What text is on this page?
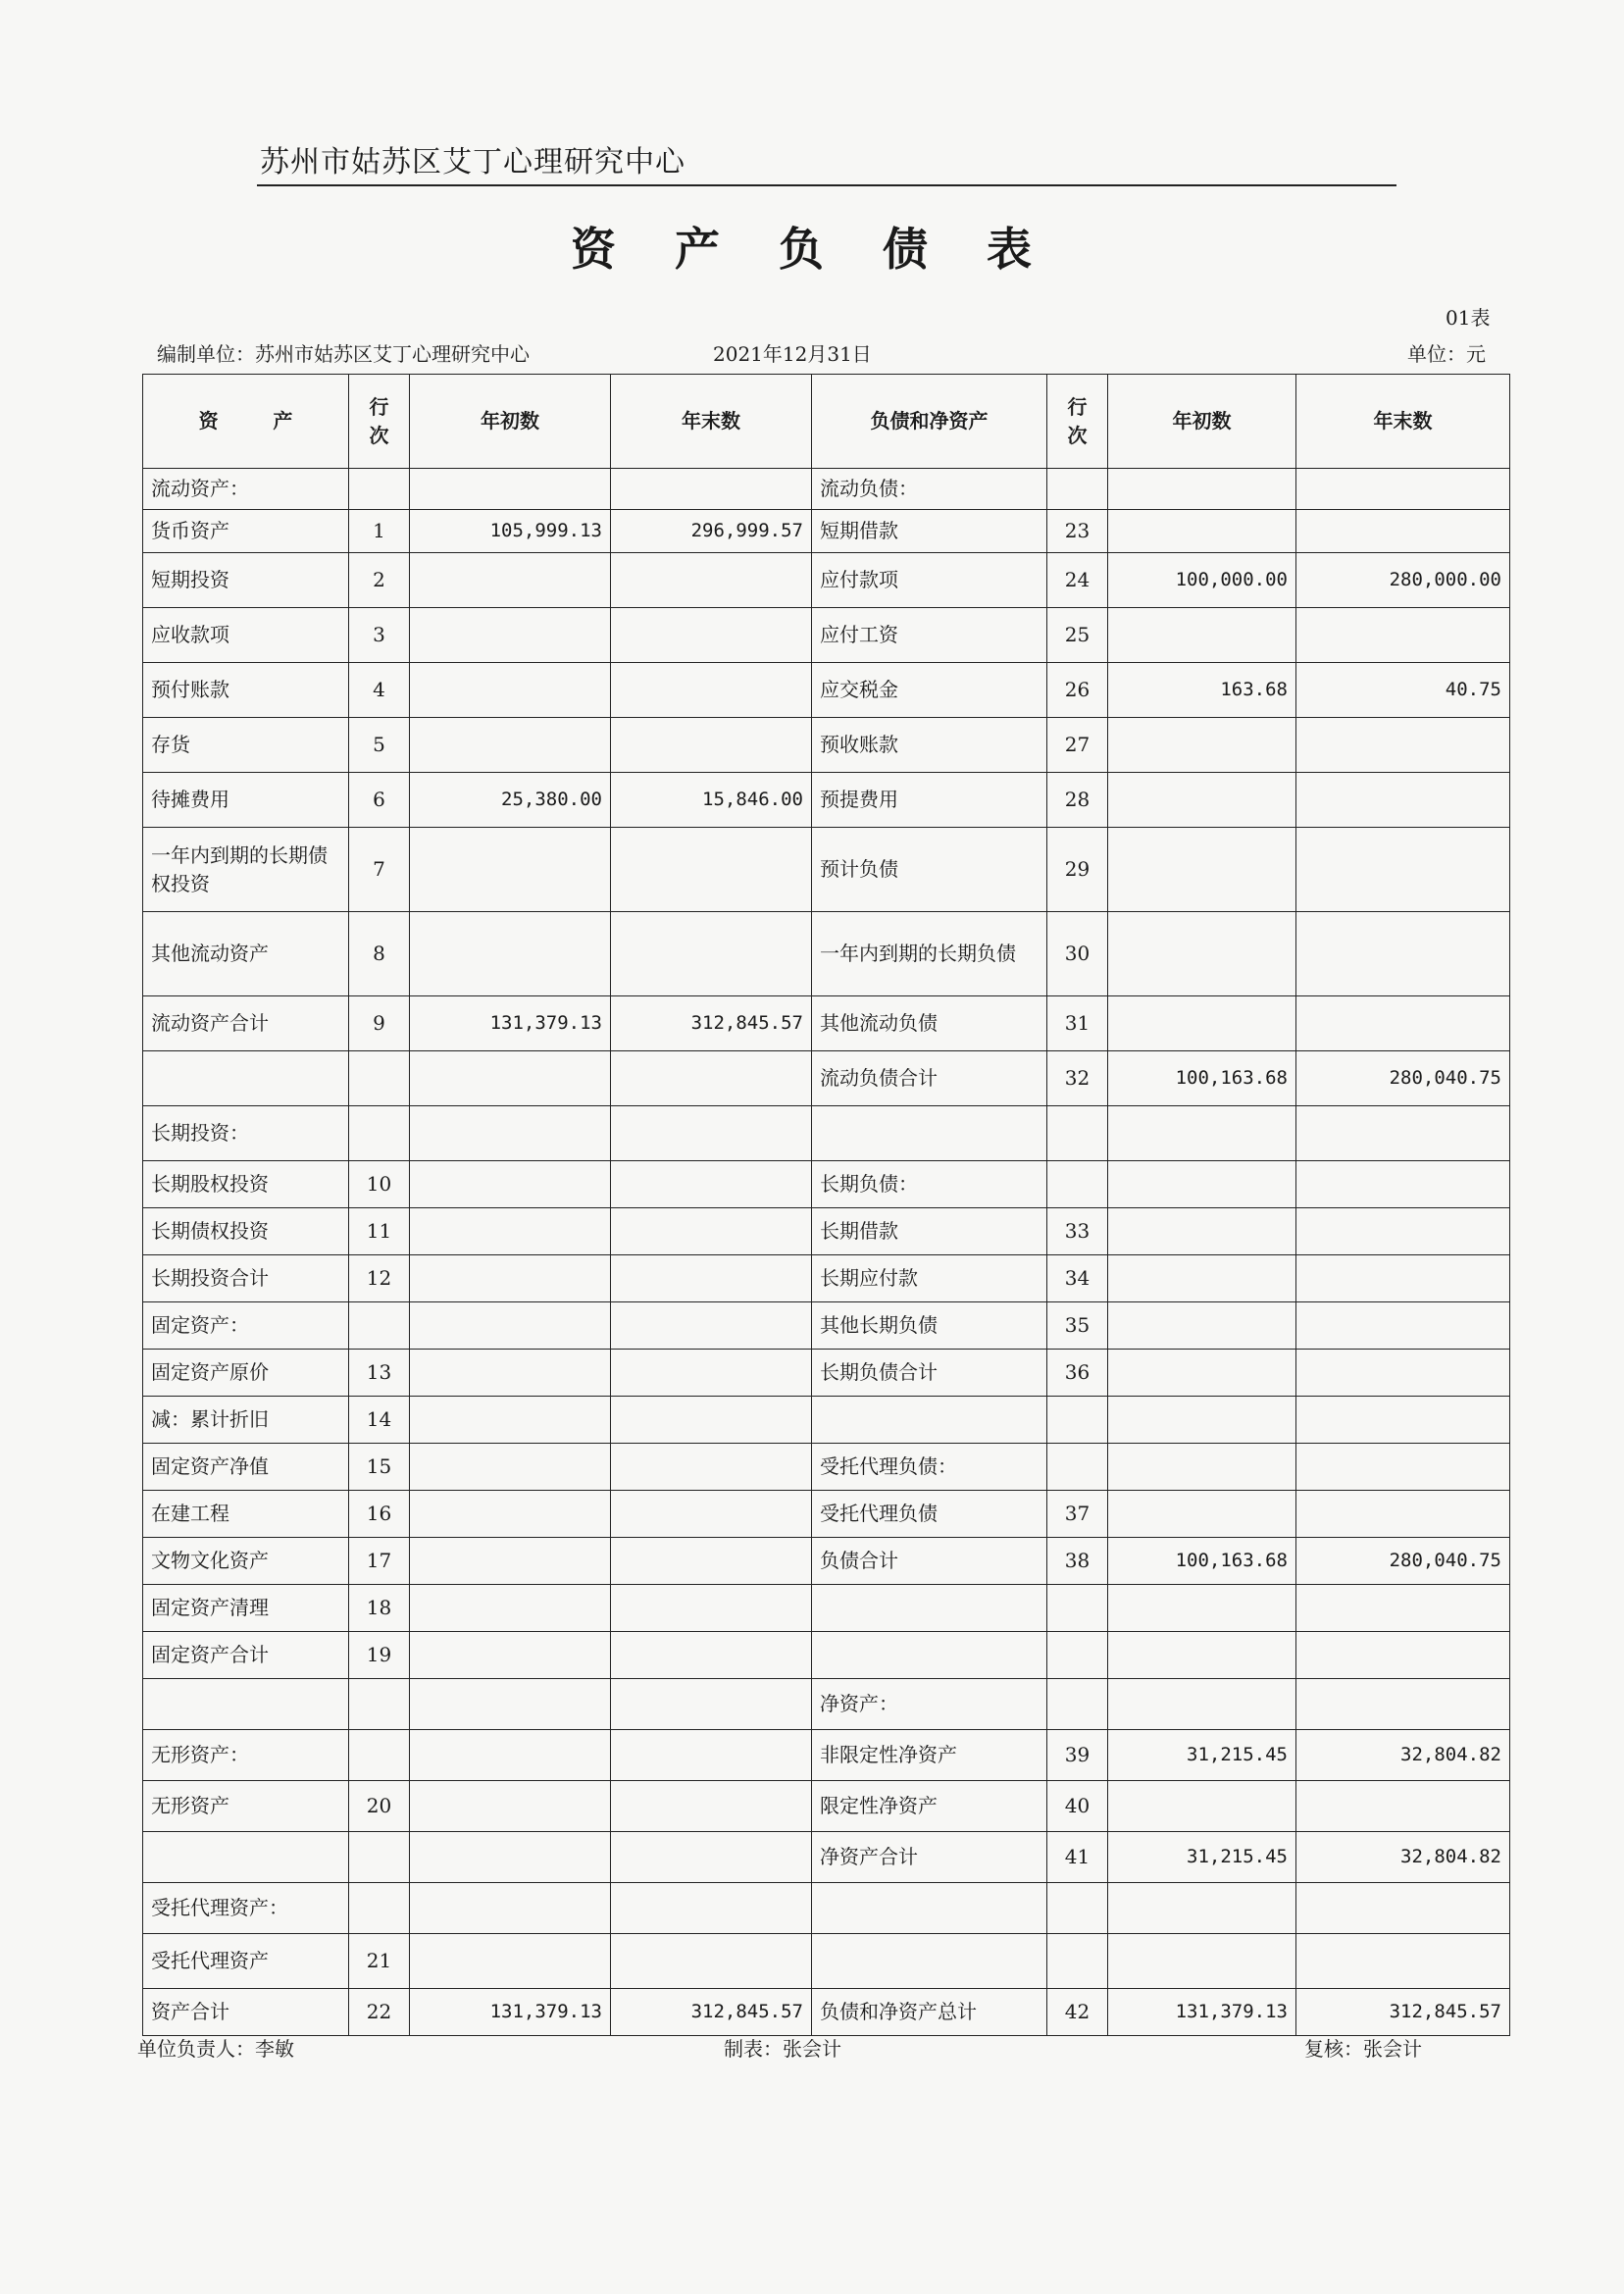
苏州市姑苏区艾丁心理研究中心
资 产 负 债 表
01表
编制单位：苏州市姑苏区艾丁心理研究中心	2021年12月31日	单位：元
资        产	行次	年初数	年末数	负债和净资产	行次	年初数	年末数
流动资产：				流动负债：			
货币资产	1	105,999.13	296,999.57	短期借款	23		
短期投资	2			应付款项	24	100,000.00	280,000.00
应收款项	3			应付工资	25		
预付账款	4			应交税金	26	163.68	40.75
存货	5			预收账款	27		
待摊费用	6	25,380.00	15,846.00	预提费用	28		
一年内到期的长期债权投资	7			预计负债	29		
其他流动资产	8			一年内到期的长期负债	30		
流动资产合计	9	131,379.13	312,845.57	其他流动负债	31		
				流动负债合计	32	100,163.68	280,040.75
长期投资：							
长期股权投资	10			长期负债：			
长期债权投资	11			长期借款	33		
长期投资合计	12			长期应付款	34		
固定资产：				其他长期负债	35		
固定资产原价	13			长期负债合计	36		
减：累计折旧	14						
固定资产净值	15			受托代理负债：			
在建工程	16			受托代理负债	37		
文物文化资产	17			负债合计	38	100,163.68	280,040.75
固定资产清理	18						
固定资产合计	19						
				净资产：			
无形资产：				非限定性净资产	39	31,215.45	32,804.82
无形资产	20			限定性净资产	40		
				净资产合计	41	31,215.45	32,804.82
受托代理资产：							
受托代理资产	21						
资产合计	22	131,379.13	312,845.57	负债和净资产总计	42	131,379.13	312,845.57
单位负责人：李敏	制表：张会计	复核：张会计
